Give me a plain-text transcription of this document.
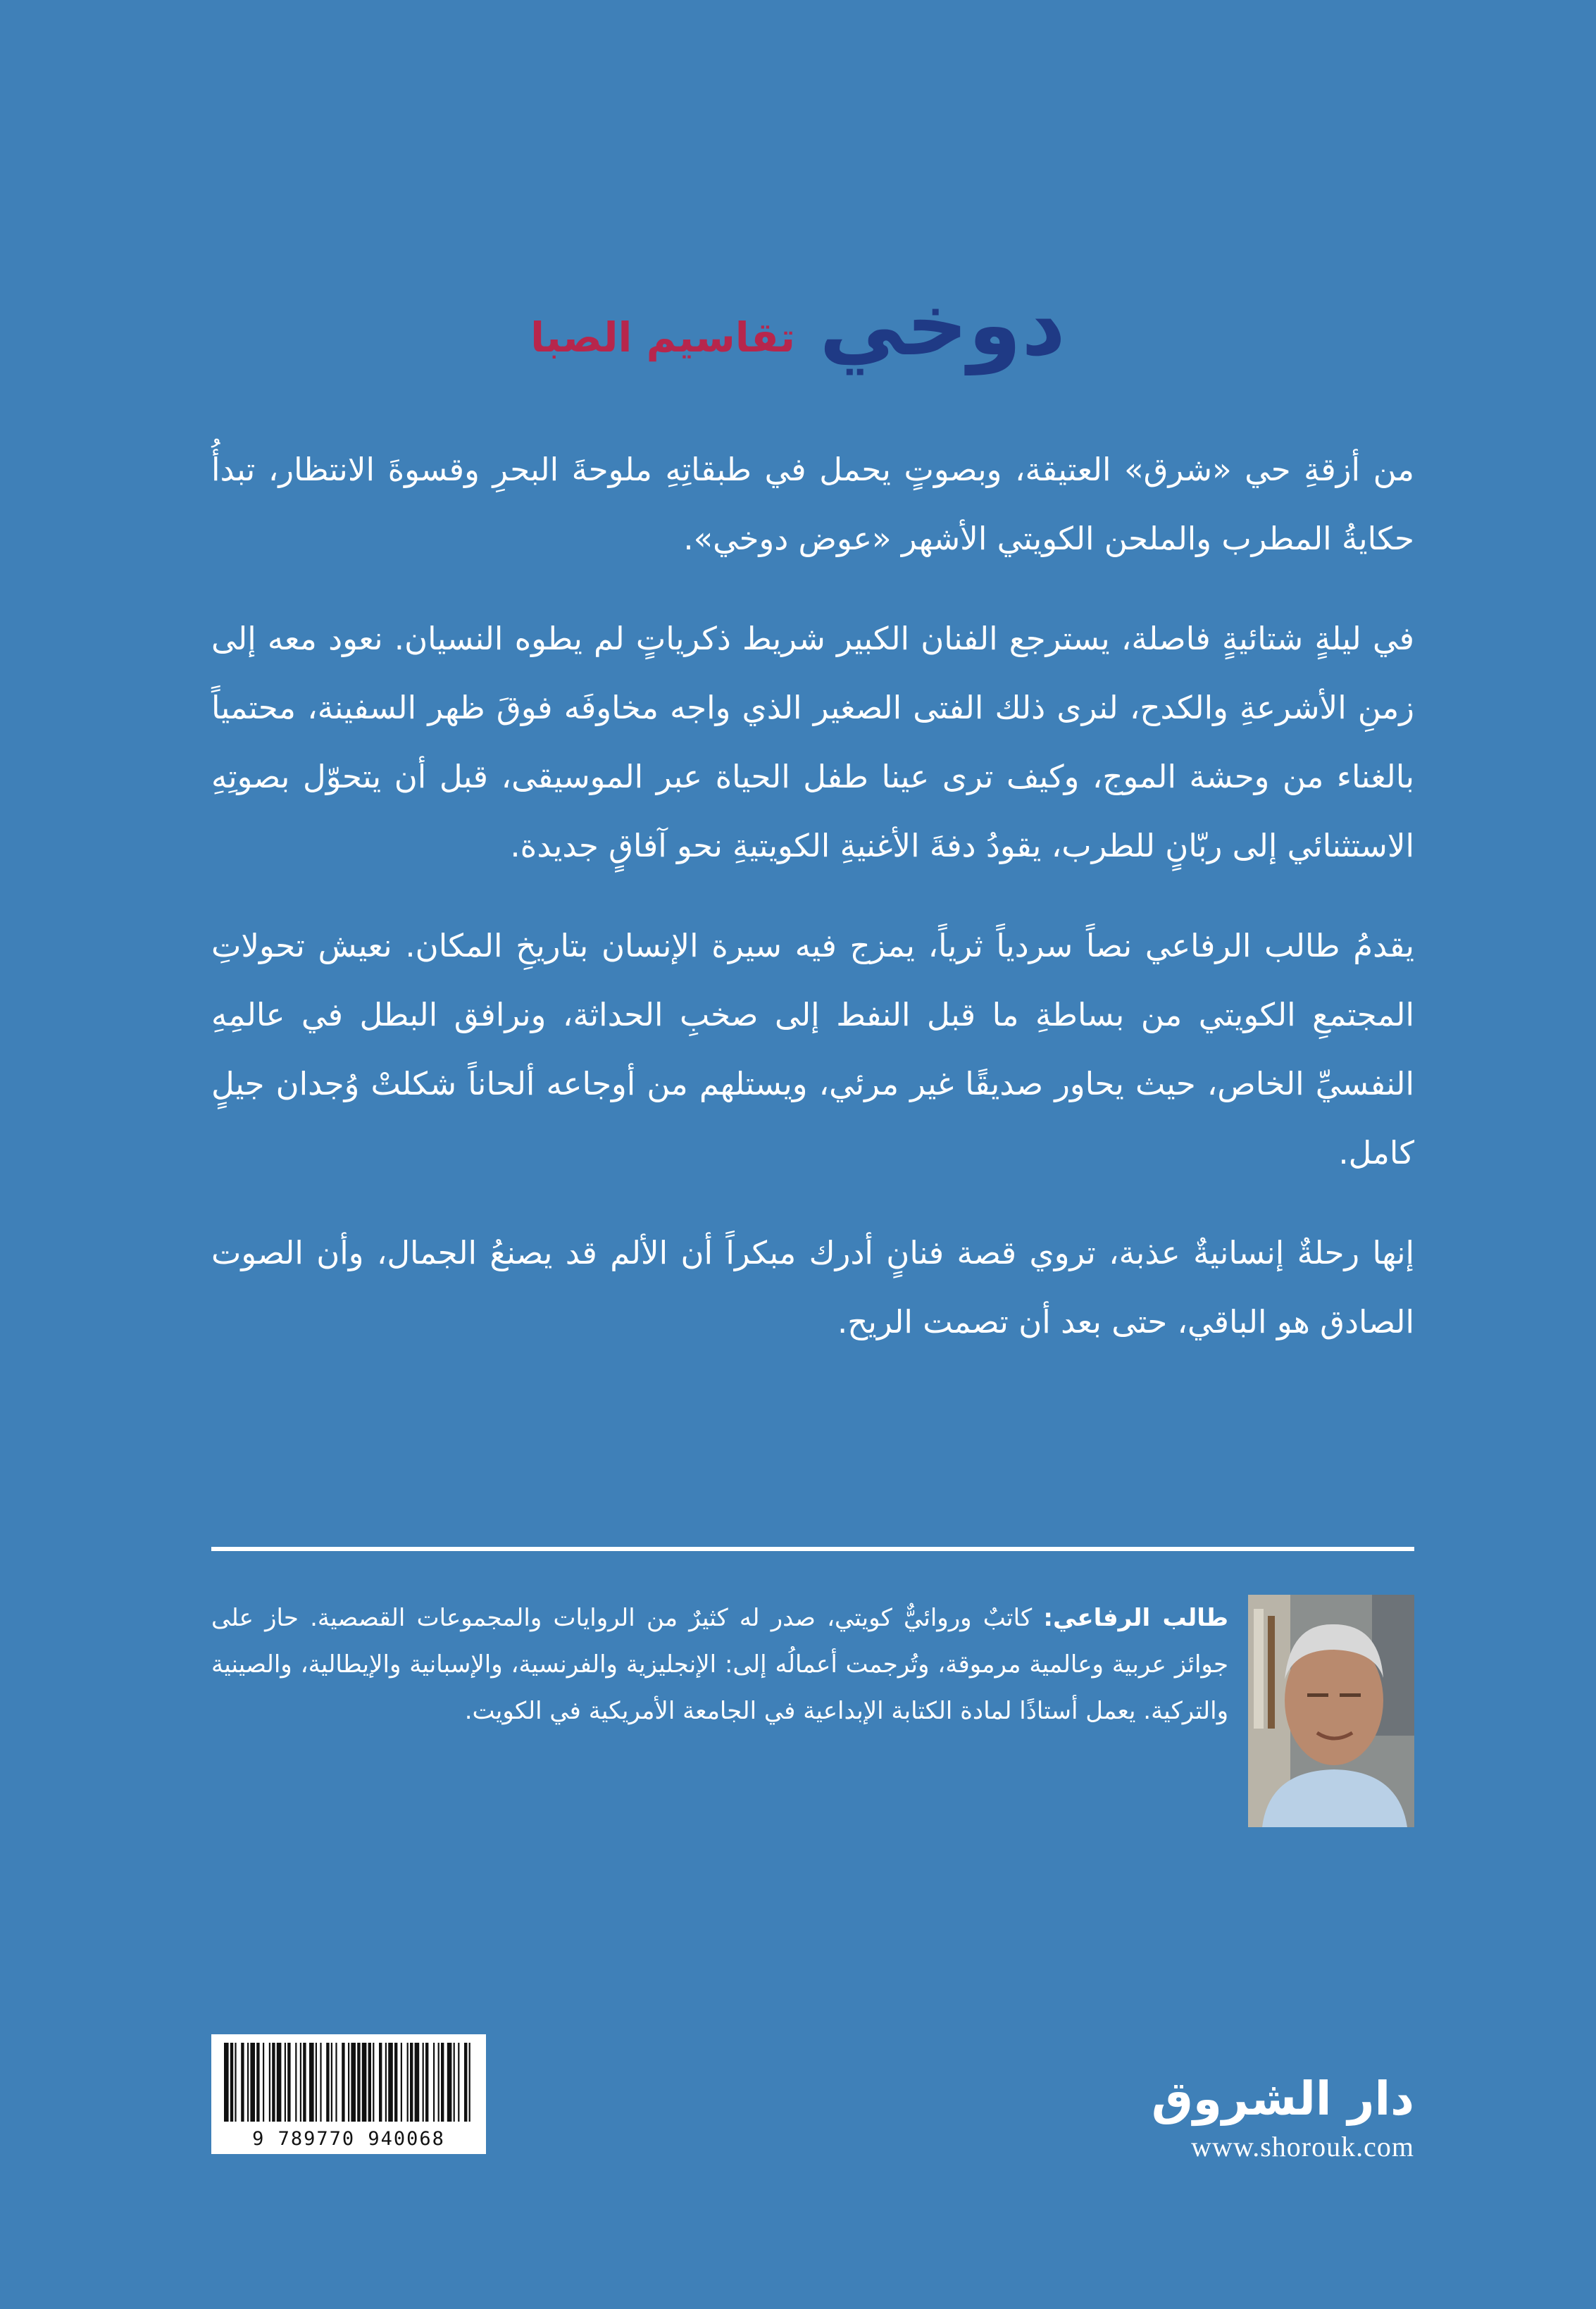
دوخي
تقاسيم الصبا

من أزقةِ حي «شرق» العتيقة، وبصوتٍ يحمل في طبقاتِهِ ملوحةَ البحرِ وقسوةَ الانتظار، تبدأُ حكايةُ المطرب والملحن الكويتي الأشهر «عوض دوخي».

في ليلةٍ شتائيةٍ فاصلة، يسترجع الفنان الكبير شريط ذكرياتٍ لم يطوه النسيان. نعود معه إلى زمنِ الأشرعةِ والكدح، لنرى ذلك الفتى الصغير الذي واجه مخاوفَه فوقَ ظهر السفينة، محتمياً بالغناء من وحشة الموج، وكيف ترى عينا طفل الحياة عبر الموسيقى، قبل أن يتحوّل بصوتِهِ الاستثنائي إلى ربّانٍ للطرب، يقودُ دفةَ الأغنيةِ الكويتيةِ نحو آفاقٍ جديدة.

يقدمُ طالب الرفاعي نصاً سردياً ثرياً، يمزج فيه سيرة الإنسان بتاريخِ المكان. نعيش تحولاتِ المجتمعِ الكويتي من بساطةِ ما قبل النفط إلى صخبِ الحداثة، ونرافق البطل في عالمِهِ النفسيِّ الخاص، حيث يحاور صديقًا غير مرئي، ويستلهم من أوجاعه ألحاناً شكلتْ وُجدان جيلٍ كامل.

إنها رحلةٌ إنسانيةٌ عذبة، تروي قصة فنانٍ أدرك مبكراً أن الألم قد يصنعُ الجمال، وأن الصوت الصادق هو الباقي، حتى بعد أن تصمت الريح.

طالب الرفاعي: كاتبٌ وروائيٌّ كويتي، صدر له كثيرٌ من الروايات والمجموعات القصصية. حاز على جوائز عربية وعالمية مرموقة، وتُرجمت أعمالُه إلى: الإنجليزية والفرنسية، والإسبانية والإيطالية، والصينية والتركية. يعمل أستاذًا لمادة الكتابة الإبداعية في الجامعة الأمريكية في الكويت.
9 789770 940068
دار الشروق
www.shorouk.com
